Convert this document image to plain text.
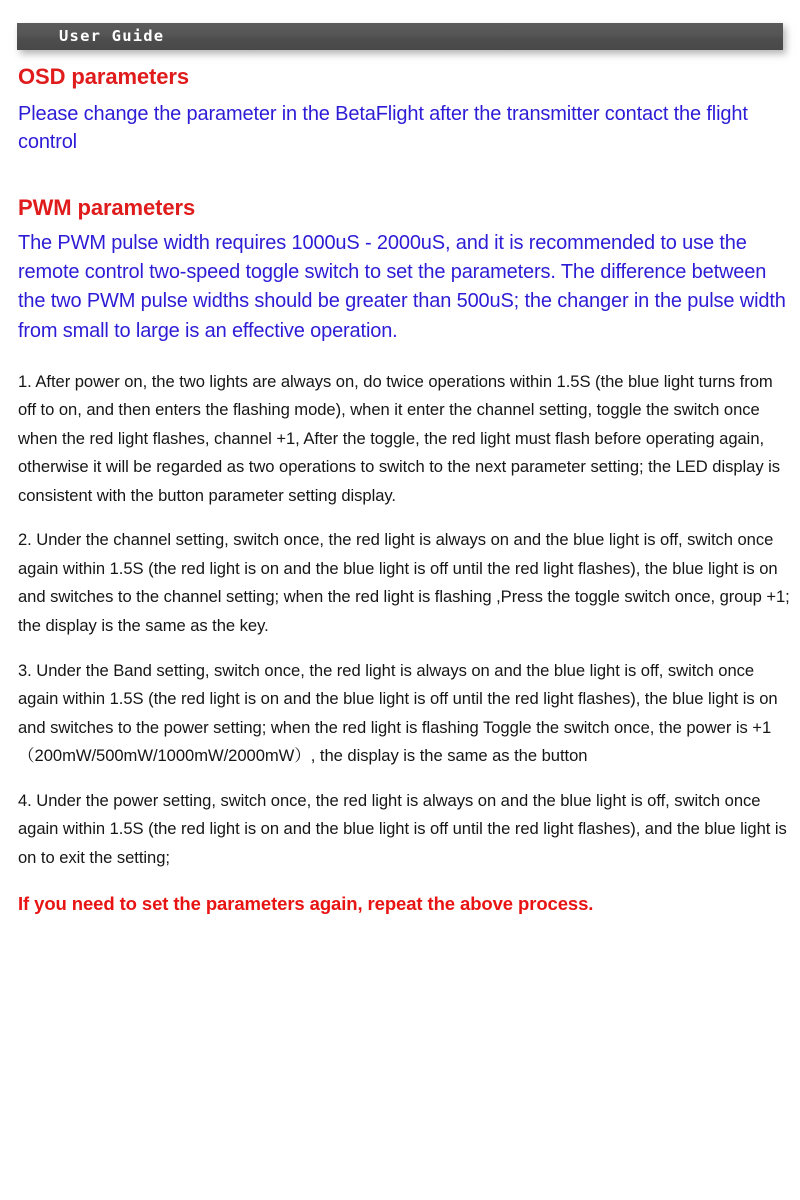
User Guide
OSD parameters

Please change the parameter in the BetaFlight after the transmitter contact the flight control

PWM parameters

The PWM pulse width requires 1000uS - 2000uS, and it is recommended to use the remote control two-speed toggle switch to set the parameters. The difference between the two PWM pulse widths should be greater than 500uS; the changer in the pulse width from small to large is an effective operation.

1. After power on, the two lights are always on, do twice operations within 1.5S (the blue light turns from off to on, and then enters the flashing mode), when it enter the channel setting, toggle the switch once when the red light flashes, channel +1, After the toggle, the red light must flash before operating again, otherwise it will be regarded as two operations to switch to the next parameter setting; the LED display is consistent with the button parameter setting display.

2. Under the channel setting, switch once, the red light is always on and the blue light is off, switch once again within 1.5S (the red light is on and the blue light is off until the red light flashes), the blue light is on and switches to the channel setting; when the red light is flashing ,Press the toggle switch once, group +1; the display is the same as the key.

3. Under the Band setting, switch once, the red light is always on and the blue light is off, switch once again within 1.5S (the red light is on and the blue light is off until the red light flashes), the blue light is on and switches to the power setting; when the red light is flashing Toggle the switch once, the power is +1（200mW/500mW/1000mW/2000mW）, the display is the same as the button

4. Under the power setting, switch once, the red light is always on and the blue light is off, switch once again within 1.5S (the red light is on and the blue light is off until the red light flashes), and the blue light is on to exit the setting;

If you need to set the parameters again, repeat the above process.
